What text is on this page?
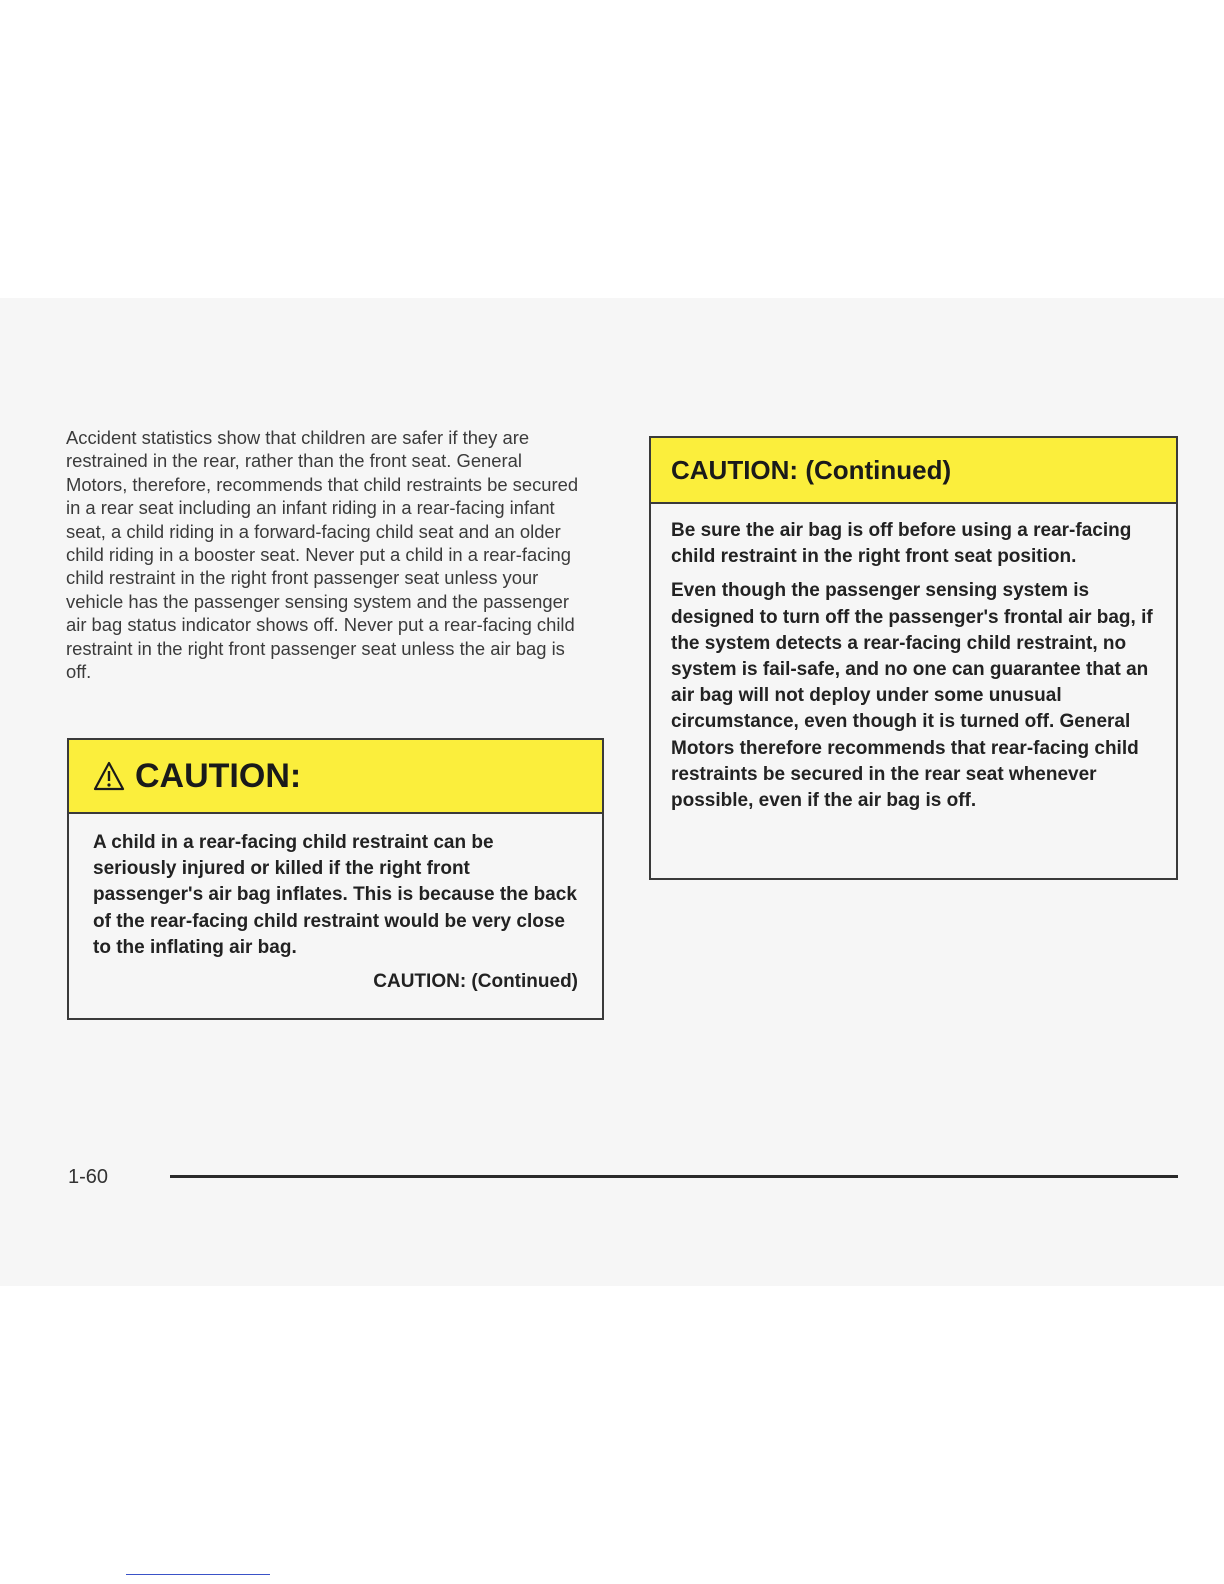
Accident statistics show that children are safer if they are restrained in the rear, rather than the front seat. General Motors, therefore, recommends that child restraints be secured in a rear seat including an infant riding in a rear-facing infant seat, a child riding in a forward-facing child seat and an older child riding in a booster seat. Never put a child in a rear-facing child restraint in the right front passenger seat unless your vehicle has the passenger sensing system and the passenger air bag status indicator shows off. Never put a rear-facing child restraint in the right front passenger seat unless the air bag is off.

CAUTION:

A child in a rear-facing child restraint can be seriously injured or killed if the right front passenger's air bag inflates. This is because the back of the rear-facing child restraint would be very close to the inflating air bag.

CAUTION: (Continued)
CAUTION: (Continued)

Be sure the air bag is off before using a rear-facing child restraint in the right front seat position.

Even though the passenger sensing system is designed to turn off the passenger's frontal air bag, if the system detects a rear-facing child restraint, no system is fail-safe, and no one can guarantee that an air bag will not deploy under some unusual circumstance, even though it is turned off. General Motors therefore recommends that rear-facing child restraints be secured in the rear seat whenever possible, even if the air bag is off.

1-60
